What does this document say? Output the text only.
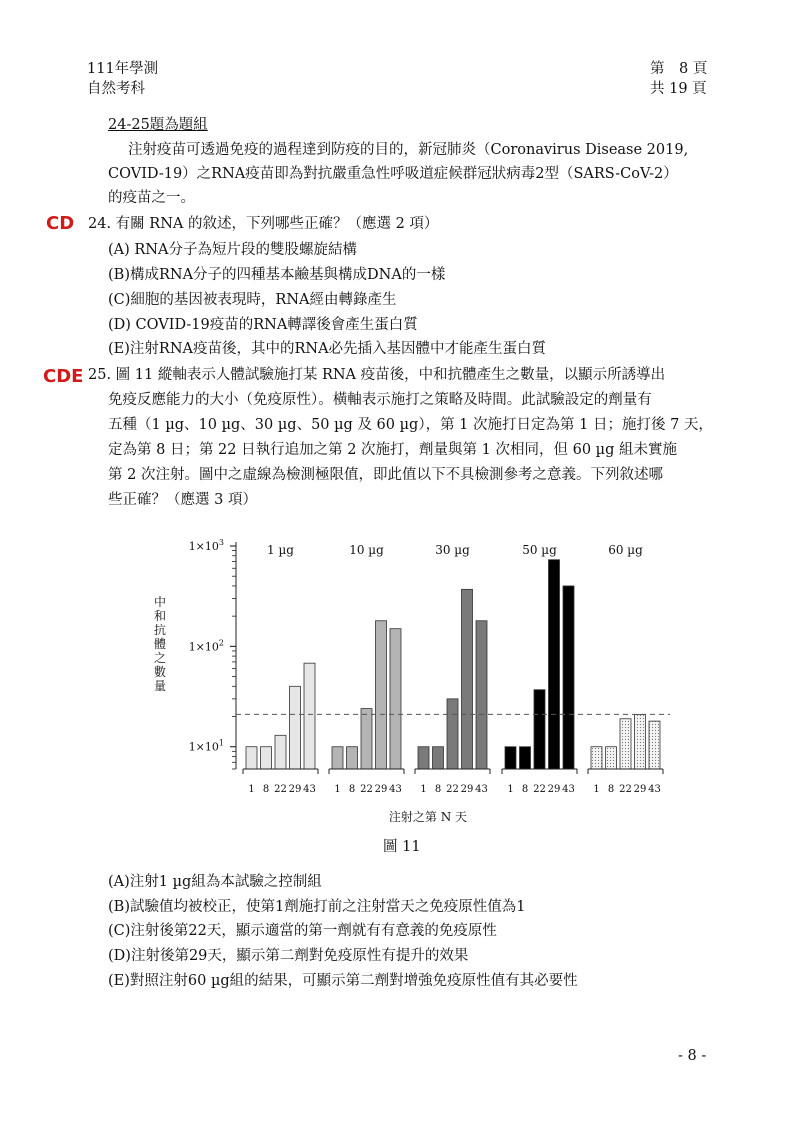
111年學測
自然考科
第　8 頁
共 19 頁
24-25題為題組
注射疫苗可透過免疫的過程達到防疫的目的，新冠肺炎（Coronavirus Disease 2019,
COVID-19）之RNA疫苗即為對抗嚴重急性呼吸道症候群冠狀病毒2型（SARS-CoV-2）
的疫苗之一。
CD 24. 有關 RNA 的敘述，下列哪些正確？（應選 2 項）
(A) RNA分子為短片段的雙股螺旋結構
(B)構成RNA分子的四種基本鹼基與構成DNA的一樣
(C)細胞的基因被表現時，RNA經由轉錄產生
(D) COVID-19疫苗的RNA轉譯後會產生蛋白質
(E)注射RNA疫苗後，其中的RNA必先插入基因體中才能產生蛋白質
CDE 25. 圖 11 縱軸表示人體試驗施打某 RNA 疫苗後，中和抗體產生之數量，以顯示所誘導出
免疫反應能力的大小（免疫原性）。橫軸表示施打之策略及時間。此試驗設定的劑量有
五種（1 µg、10 µg、30 µg、50 µg 及 60 µg），第 1 次施打日定為第 1 日；施打後 7 天，
定為第 8 日；第 22 日執行追加之第 2 次施打，劑量與第 1 次相同，但 60 µg 組未實施
第 2 次注射。圖中之虛線為檢測極限值，即此值以下不具檢測參考之意義。下列敘述哪
些正確？（應選 3 項）
$1\times 10^1$
$1\times 10^2$
$1\times 10^3$
中和抗體之數量
1 8 22 29 43
1 µg
1 8 22 29 43
10 µg
1 8 22 29 43
30 µg
1 8 22 29 43
50 µg
1 8 22 29 43
60 µg
注射之第 N 天
圖 11
(A)注射1 µg組為本試驗之控制組
(B)試驗值均被校正，使第1劑施打前之注射當天之免疫原性值為1
(C)注射後第22天，顯示適當的第一劑就有有意義的免疫原性
(D)注射後第29天，顯示第二劑對免疫原性有提升的效果
(E)對照注射60 µg組的結果，可顯示第二劑對增強免疫原性值有其必要性
- 8 -
